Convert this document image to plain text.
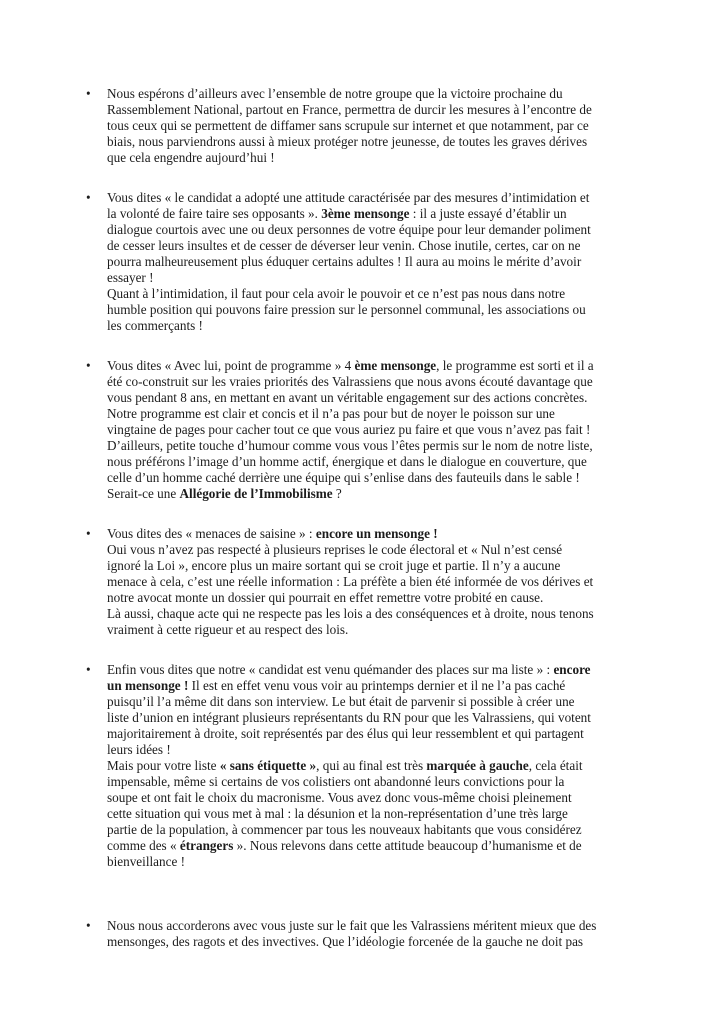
•	Nous espérons d’ailleurs avec l’ensemble de notre groupe que la victoire prochaine du
Rassemblement National, partout en France, permettra de durcir les mesures à l’encontre de
tous ceux qui se permettent de diffamer sans scrupule sur internet et que notamment, par ce
biais, nous parviendrons aussi à mieux protéger notre jeunesse, de toutes les graves dérives
que cela engendre aujourd’hui !
•	Vous dites « le candidat a adopté une attitude caractérisée par des mesures d’intimidation et
la volonté de faire taire ses opposants ». 3ème mensonge : il a juste essayé d’établir un
dialogue courtois avec une ou deux personnes de votre équipe pour leur demander poliment
de cesser leurs insultes et de cesser de déverser leur venin. Chose inutile, certes, car on ne
pourra malheureusement plus éduquer certains adultes ! Il aura au moins le mérite d’avoir
essayer !
Quant à l’intimidation, il faut pour cela avoir le pouvoir et ce n’est pas nous dans notre
humble position qui pouvons faire pression sur le personnel communal, les associations ou
les commerçants !
•	Vous dites « Avec lui, point de programme » 4 ème mensonge, le programme est sorti et il a
été co-construit sur les vraies priorités des Valrassiens que nous avons écouté davantage que
vous pendant 8 ans, en mettant en avant un véritable engagement sur des actions concrètes.
Notre programme est clair et concis et il n’a pas pour but de noyer le poisson sur une
vingtaine de pages pour cacher tout ce que vous auriez pu faire et que vous n’avez pas fait !
D’ailleurs, petite touche d’humour comme vous vous l’êtes permis sur le nom de notre liste,
nous préférons l’image d’un homme actif, énergique et dans le dialogue en couverture, que
celle d’un homme caché derrière une équipe qui s’enlise dans des fauteuils dans le sable !
Serait-ce une Allégorie de l’Immobilisme ?
•	Vous dites des « menaces de saisine » : encore un mensonge !
Oui vous n’avez pas respecté à plusieurs reprises le code électoral et « Nul n’est censé
ignoré la Loi », encore plus un maire sortant qui se croit juge et partie. Il n’y a aucune
menace à cela, c’est une réelle information : La préfète a bien été informée de vos dérives et
notre avocat monte un dossier qui pourrait en effet remettre votre probité en cause.
Là aussi, chaque acte qui ne respecte pas les lois a des conséquences et à droite, nous tenons
vraiment à cette rigueur et au respect des lois.
•	Enfin vous dites que notre « candidat est venu quémander des places sur ma liste » : encore
un mensonge ! Il est en effet venu vous voir au printemps dernier et il ne l’a pas caché
puisqu’il l’a même dit dans son interview. Le but était de parvenir si possible à créer une
liste d’union en intégrant plusieurs représentants du RN pour que les Valrassiens, qui votent
majoritairement à droite, soit représentés par des élus qui leur ressemblent et qui partagent
leurs idées !
Mais pour votre liste « sans étiquette », qui au final est très marquée à gauche, cela était
impensable, même si certains de vos colistiers ont abandonné leurs convictions pour la
soupe et ont fait le choix du macronisme. Vous avez donc vous-même choisi pleinement
cette situation qui vous met à mal : la désunion et la non-représentation d’une très large
partie de la population, à commencer par tous les nouveaux habitants que vous considérez
comme des « étrangers ». Nous relevons dans cette attitude beaucoup d’humanisme et de
bienveillance !
•	Nous nous accorderons avec vous juste sur le fait que les Valrassiens méritent mieux que des
mensonges, des ragots et des invectives. Que l’idéologie forcenée de la gauche ne doit pas
